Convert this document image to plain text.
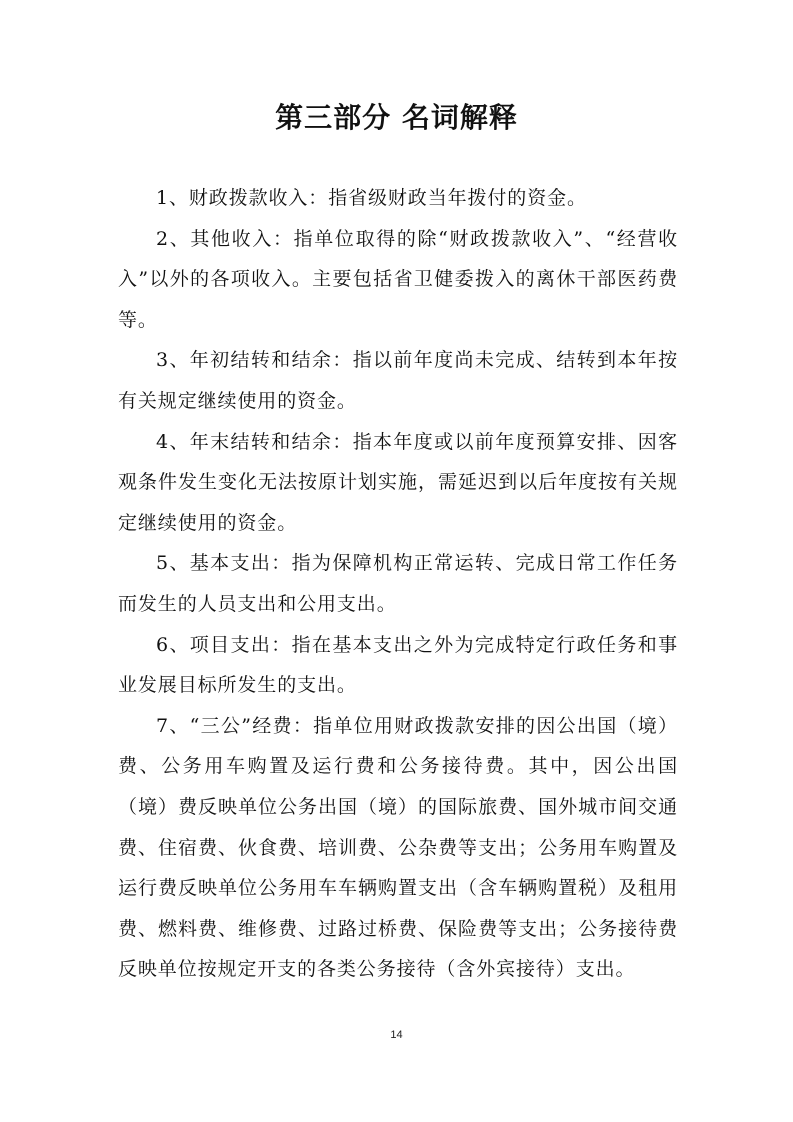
第三部分 名词解释

1、财政拨款收入：指省级财政当年拨付的资金。

2、其他收入：指单位取得的除“财政拨款收入”、“经营收入”以外的各项收入。主要包括省卫健委拨入的离休干部医药费等。

3、年初结转和结余：指以前年度尚未完成、结转到本年按有关规定继续使用的资金。

4、年末结转和结余：指本年度或以前年度预算安排、因客观条件发生变化无法按原计划实施，需延迟到以后年度按有关规定继续使用的资金。

5、基本支出：指为保障机构正常运转、完成日常工作任务而发生的人员支出和公用支出。

6、项目支出：指在基本支出之外为完成特定行政任务和事业发展目标所发生的支出。

7、“三公”经费：指单位用财政拨款安排的因公出国（境）费、公务用车购置及运行费和公务接待费。其中，因公出国（境）费反映单位公务出国（境）的国际旅费、国外城市间交通费、住宿费、伙食费、培训费、公杂费等支出；公务用车购置及运行费反映单位公务用车车辆购置支出（含车辆购置税）及租用费、燃料费、维修费、过路过桥费、保险费等支出；公务接待费反映单位按规定开支的各类公务接待（含外宾接待）支出。

14
